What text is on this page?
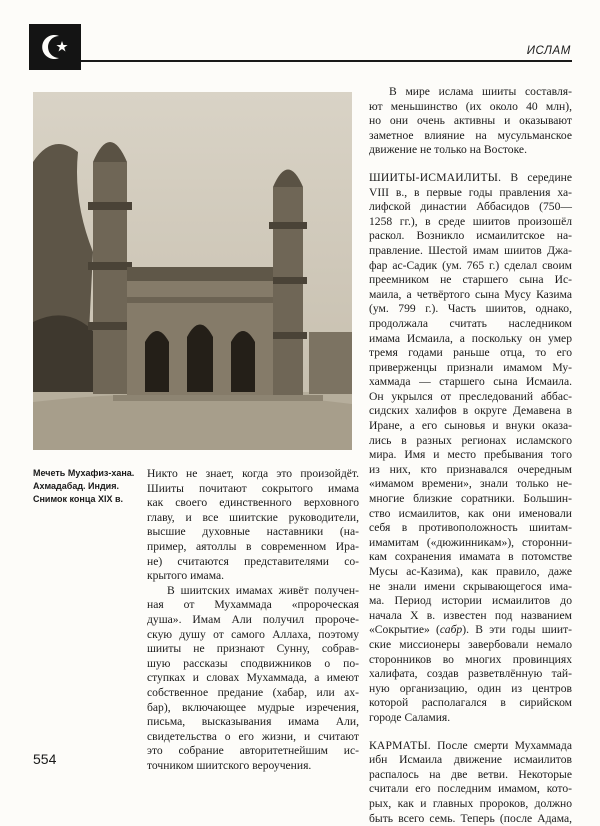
ИСЛАМ
Мечеть Мухафиз-хана.
Ахмадабад. Индия.
Снимок конца XIX в.

Никто не знает, когда это произойдёт.
Шииты почитают сокрытого имама
как своего единственного верховного
главу, и все шиитские руководители,
высшие духовные наставники (на-
пример, аятоллы в современном Ира-
не) считаются представителями со-
крытого имама.

В шиитских имамах живёт получен-
ная от Мухаммада «пророческая
душа». Имам Али получил пророче-
скую душу от самого Аллаха, поэтому
шииты не признают Сунну, собрав-
шую рассказы сподвижников о по-
ступках и словах Мухаммада, а имеют
собственное предание (хабар, или ах-
бар), включающее мудрые изречения,
письма, высказывания имама Али,
свидетельства о его жизни, и считают
это собрание авторитетнейшим ис-
точником шиитского вероучения.

В мире ислама шииты составля-
ют меньшинство (их около 40 млн),
но они очень активны и оказывают
заметное влияние на мусульманское
движение не только на Востоке.

ШИИТЫ-ИСМАИЛИТЫ. В середине
VIII в., в первые годы правления ха-
лифской династии Аббасидов (750—
1258 гг.), в среде шиитов произошёл
раскол. Возникло исмаилитское на-
правление. Шестой имам шиитов Джа-
фар ас-Садик (ум. 765 г.) сделал своим
преемником не старшего сына Ис-
маила, а четвёртого сына Мусу Казима
(ум. 799 г.). Часть шиитов, однако,
продолжала считать наследником
имама Исмаила, а поскольку он умер
тремя годами раньше отца, то его
приверженцы признали имамом Му-
хаммада — старшего сына Исмаила.
Он укрылся от преследований аббас-
сидских халифов в округе Демавена в
Иране, а его сыновья и внуки оказа-
лись в разных регионах исламского
мира. Имя и место пребывания того
из них, кто признавался очередным
«имамом времени», знали только не-
многие близкие соратники. Большин-
ство исмаилитов, как они именовали
себя в противоположность шиитам-
имамитам («дюжинникам»), сторонни-
кам сохранения имамата в потомстве
Мусы ас-Казима), как правило, даже
не знали имени скрывающегося има-
ма. Период истории исмаилитов до
начала X в. известен под названием
«Сокрытие» (сабр). В эти годы шиит-
ские миссионеры завербовали немало
сторонников во многих провинциях
халифата, создав разветвлённую тай-
ную организацию, один из центров
которой располагался в сирийском
городе Саламия.

КАРМАТЫ. После смерти Мухаммада
ибн Исмаила движение исмаилитов
распалось на две ветви. Некоторые
считали его последним имамом, кото-
рых, как и главных пророков, должно
быть всего семь. Теперь (после Адама,

554
